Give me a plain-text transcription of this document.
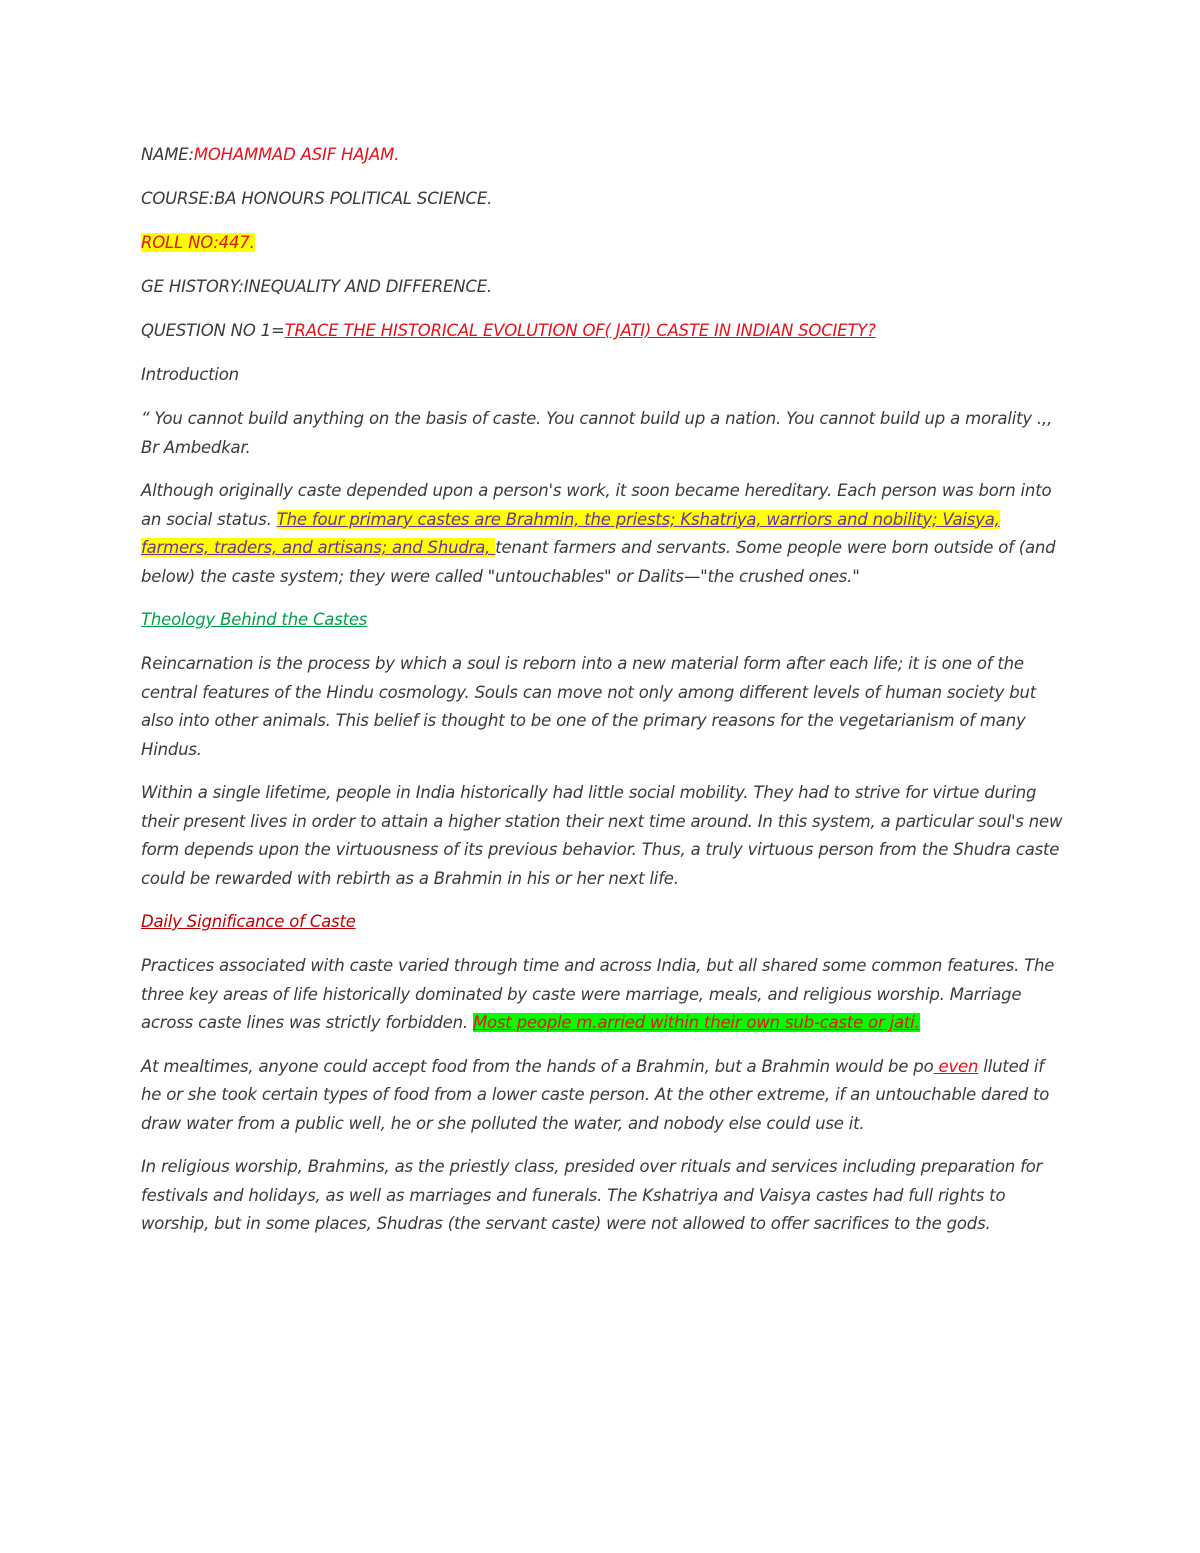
NAME:MOHAMMAD ASIF HAJAM.

COURSE:BA HONOURS POLITICAL SCIENCE.

ROLL NO:447.

GE HISTORY:INEQUALITY AND DIFFERENCE.

QUESTION NO 1=TRACE THE HISTORICAL EVOLUTION OF( JATI) CASTE IN INDIAN SOCIETY?

Introduction

“ You cannot build anything on the basis of caste. You cannot build up a nation. You cannot build up a morality .,, Br Ambedkar.

Although originally caste depended upon a person's work, it soon became hereditary. Each person was born into an social status. The four primary castes are Brahmin, the priests; Kshatriya, warriors and nobility; Vaisya, farmers, traders, and artisans; and Shudra, tenant farmers and servants. Some people were born outside of (and below) the caste system; they were called "untouchables" or Dalits—"the crushed ones."

Theology Behind the Castes

Reincarnation is the process by which a soul is reborn into a new material form after each life; it is one of the central features of the Hindu cosmology. Souls can move not only among different levels of human society but also into other animals. This belief is thought to be one of the primary reasons for the vegetarianism of many Hindus.

Within a single lifetime, people in India historically had little social mobility. They had to strive for virtue during their present lives in order to attain a higher station their next time around. In this system, a particular soul's new form depends upon the virtuousness of its previous behavior. Thus, a truly virtuous person from the Shudra caste could be rewarded with rebirth as a Brahmin in his or her next life.

Daily Significance of Caste

Practices associated with caste varied through time and across India, but all shared some common features. The three key areas of life historically dominated by caste were marriage, meals, and religious worship. Marriage across caste lines was strictly forbidden. Most people m.arried within their own sub-caste or jati.

At mealtimes, anyone could accept food from the hands of a Brahmin, but a Brahmin would be po even lluted if he or she took certain types of food from a lower caste person. At the other extreme, if an untouchable dared to draw water from a public well, he or she polluted the water, and nobody else could use it.

In religious worship, Brahmins, as the priestly class, presided over rituals and services including preparation for festivals and holidays, as well as marriages and funerals. The Kshatriya and Vaisya castes had full rights to worship, but in some places, Shudras (the servant caste) were not allowed to offer sacrifices to the gods.
